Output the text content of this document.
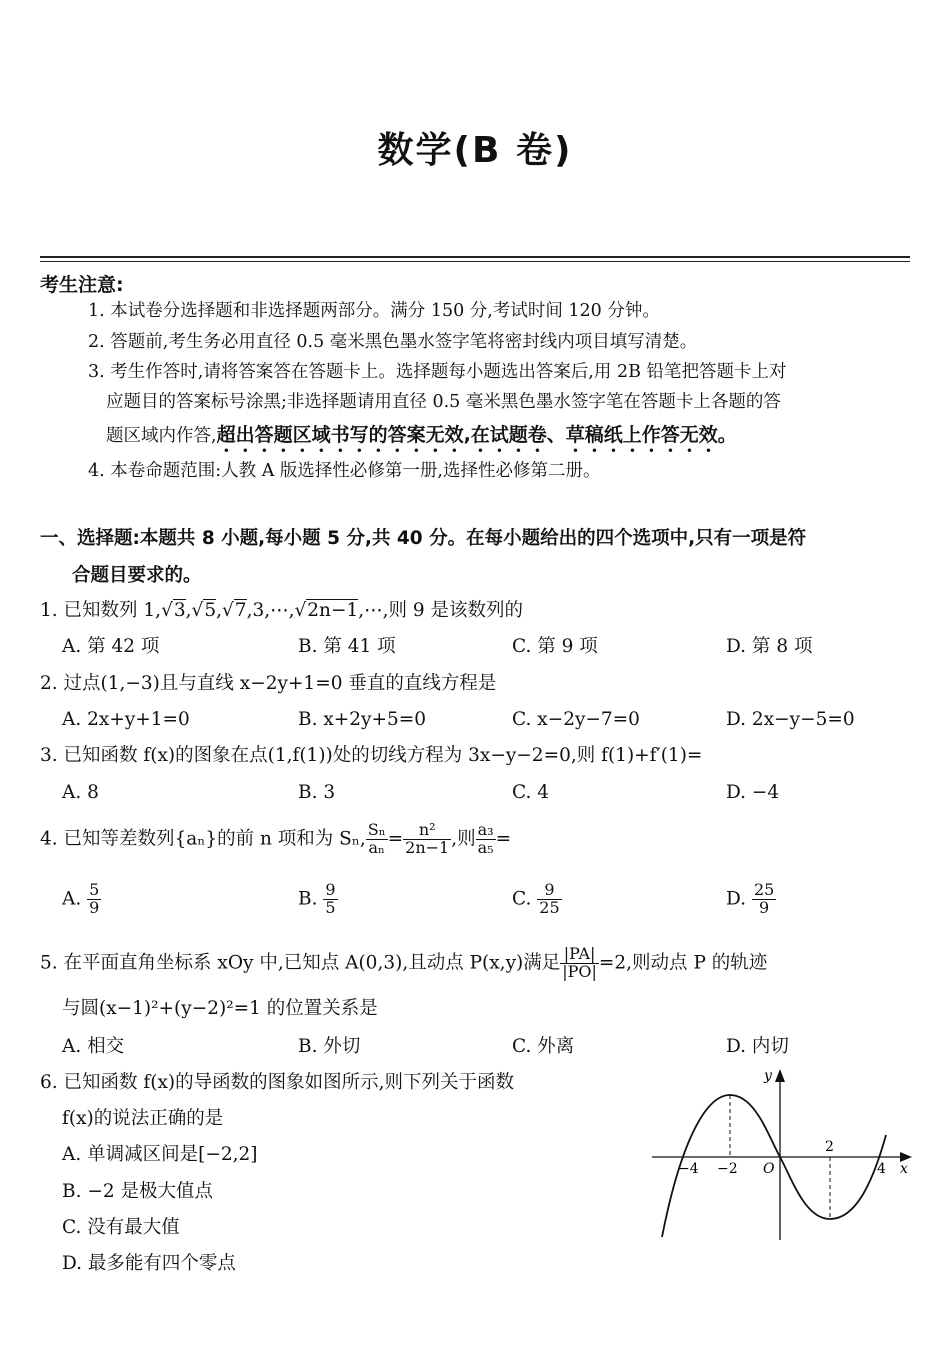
数学(B 卷)
考生注意:
1. 本试卷分选择题和非选择题两部分。满分 150 分,考试时间 120 分钟。
2. 答题前,考生务必用直径 0.5 毫米黑色墨水签字笔将密封线内项目填写清楚。
3. 考生作答时,请将答案答在答题卡上。选择题每小题选出答案后,用 2B 铅笔把答题卡上对
应题目的答案标号涂黑;非选择题请用直径 0.5 毫米黑色墨水签字笔在答题卡上各题的答
题区域内作答,超出答题区域书写的答案无效,在试题卷、草稿纸上作答无效。
4. 本卷命题范围:人教 A 版选择性必修第一册,选择性必修第二册。
一、选择题:本题共 8 小题,每小题 5 分,共 40 分。在每小题给出的四个选项中,只有一项是符
合题目要求的。
1. 已知数列 1,√3,√5,√7,3,⋯,√2n−1,⋯,则 9 是该数列的
A. 第 42 项	B. 第 41 项	C. 第 9 项	D. 第 8 项
2. 过点(1,−3)且与直线 x−2y+1=0 垂直的直线方程是
A. 2x+y+1=0	B. x+2y+5=0	C. x−2y−7=0	D. 2x−y−5=0
3. 已知函数 f(x)的图象在点(1,f(1))处的切线方程为 3x−y−2=0,则 f(1)+f′(1)=
A. 8	B. 3	C. 4	D. −4
4. 已知等差数列{aₙ}的前 n 项和为 Sₙ, $\frac{\text{Sₙ}}{\text{aₙ}} = \frac{\text{n²}}{2n-1}$ ,则 $\frac{\text{a₃}}{\text{a₅}}$ =
A. $\frac{5}{9}$	B. $\frac{9}{5}$	C. $\frac{9}{25}$	D. $\frac{25}{9}$
5. 在平面直角坐标系 xOy 中,已知点 A(0,3),且动点 P(x,y)满足 $\frac{|PA|}{|PO|} =2$,则动点 P 的轨迹
与圆(x−1)²+(y−2)²=1 的位置关系是
A. 相交	B. 外切	C. 外离	D. 内切
6. 已知函数 f(x)的导函数的图象如图所示,则下列关于函数
f(x)的说法正确的是
A. 单调减区间是[−2,2]
B. −2 是极大值点
C. 没有最大值
D. 最多能有四个零点
y
x
O
−4 −2
2
4
